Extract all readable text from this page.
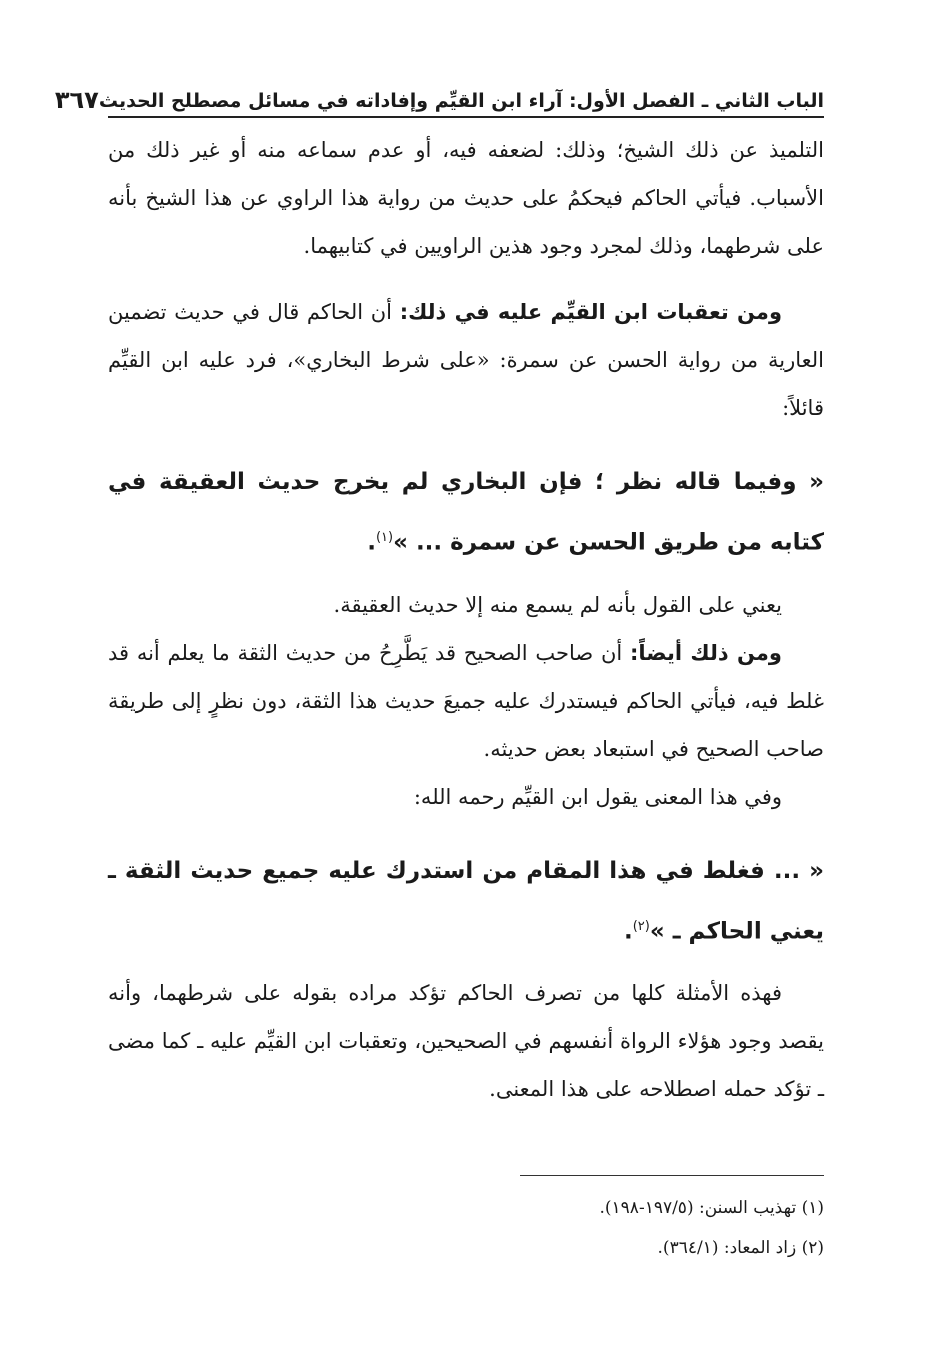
الباب الثاني ـ الفصل الأول: آراء ابن القيِّم وإفاداته في مسائل مصطلح الحديث
٣٦٧

التلميذ عن ذلك الشيخ؛ وذلك: لضعفه فيه، أو عدم سماعه منه أو غير ذلك من الأسباب. فيأتي الحاكم فيحكمُ على حديث من رواية هذا الراوي عن هذا الشيخ بأنه على شرطهما، وذلك لمجرد وجود هذين الراويين في كتابيهما.

ومن تعقبات ابن القيِّم عليه في ذلك: أن الحاكم قال في حديث تضمين العارية من رواية الحسن عن سمرة: «على شرط البخاري»، فرد عليه ابن القيِّم قائلاً:

« وفيما قاله نظر ؛ فإن البخاري لم يخرج حديث العقيقة في كتابه من طريق الحسن عن سمرة ... »$^{(١)}$.

يعني على القول بأنه لم يسمع منه إلا حديث العقيقة.

ومن ذلك أيضاً: أن صاحب الصحيح قد يَطَّرِحُ من حديث الثقة ما يعلم أنه قد غلط فيه، فيأتي الحاكم فيستدرك عليه جميعَ حديث هذا الثقة، دون نظرٍ إلى طريقة صاحب الصحيح في استبعاد بعض حديثه.

وفي هذا المعنى يقول ابن القيِّم رحمه الله:

« ... فغلط في هذا المقام من استدرك عليه جميع حديث الثقة ـ يعني الحاكم ـ »$^{(٢)}$.

فهذه الأمثلة كلها من تصرف الحاكم تؤكد مراده بقوله على شرطهما، وأنه يقصد وجود هؤلاء الرواة أنفسهم في الصحيحين، وتعقبات ابن القيِّم عليه ـ كما مضى ـ تؤكد حمله اصطلاحه على هذا المعنى.

(١) تهذيب السنن: (١٩٧/٥-١٩٨).
(٢) زاد المعاد: (٣٦٤/١).
